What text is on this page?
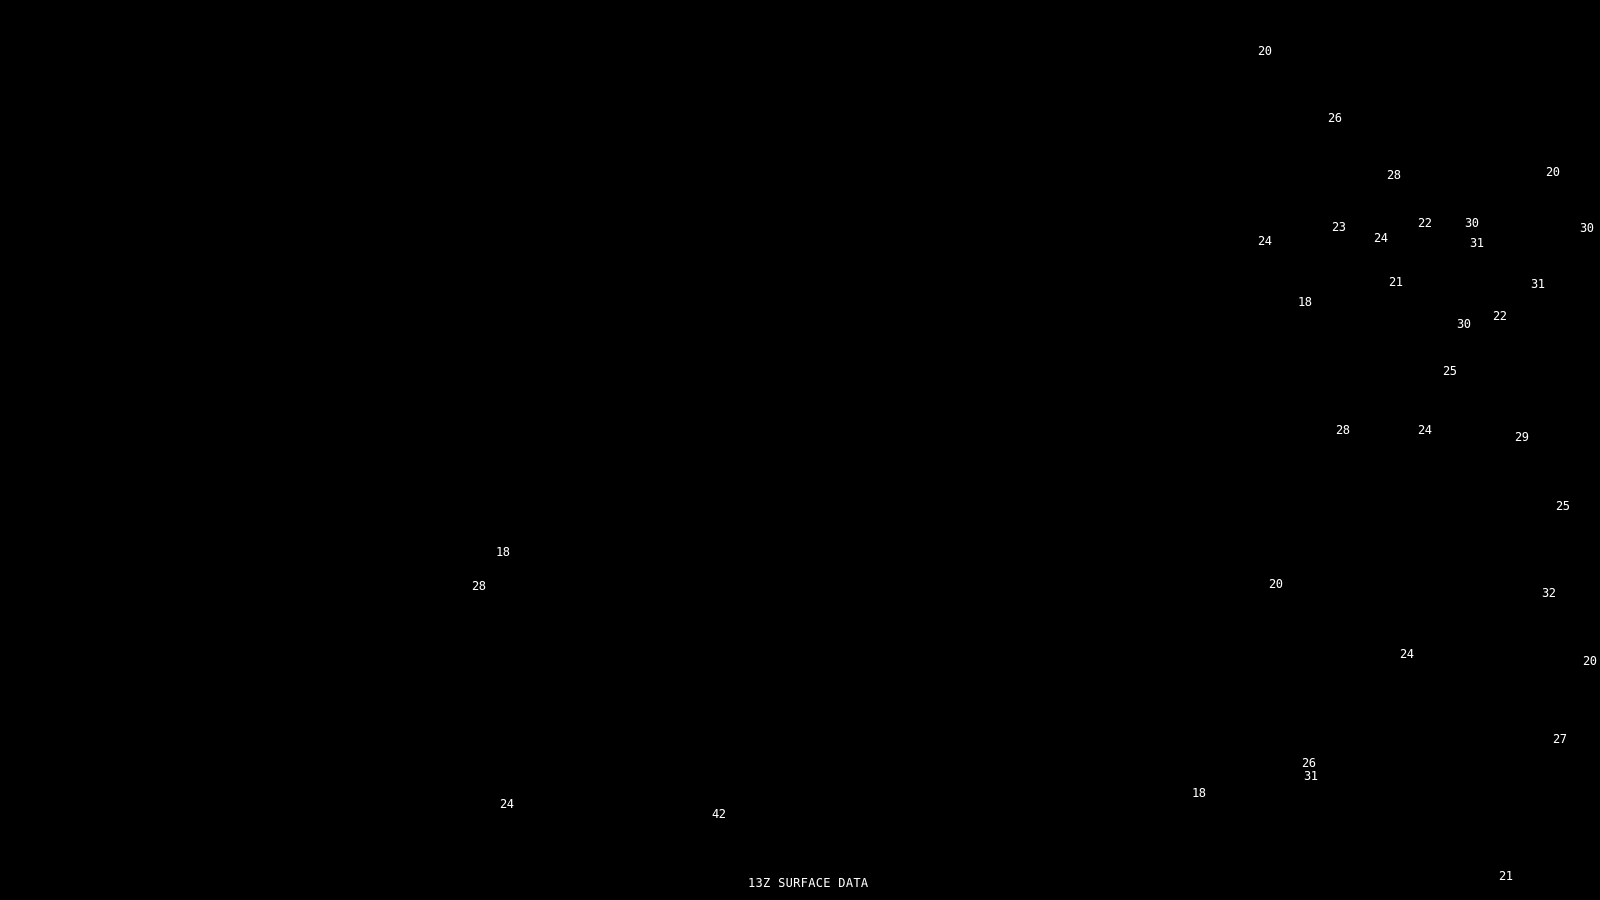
13Z SURFACE DATA
20
26
28	20
23
24
22	30
31
30
24
21	31
18
22
30
25
28	24	29
25
18
28	20
32
24	20
27
26
31
18
24
42
21
